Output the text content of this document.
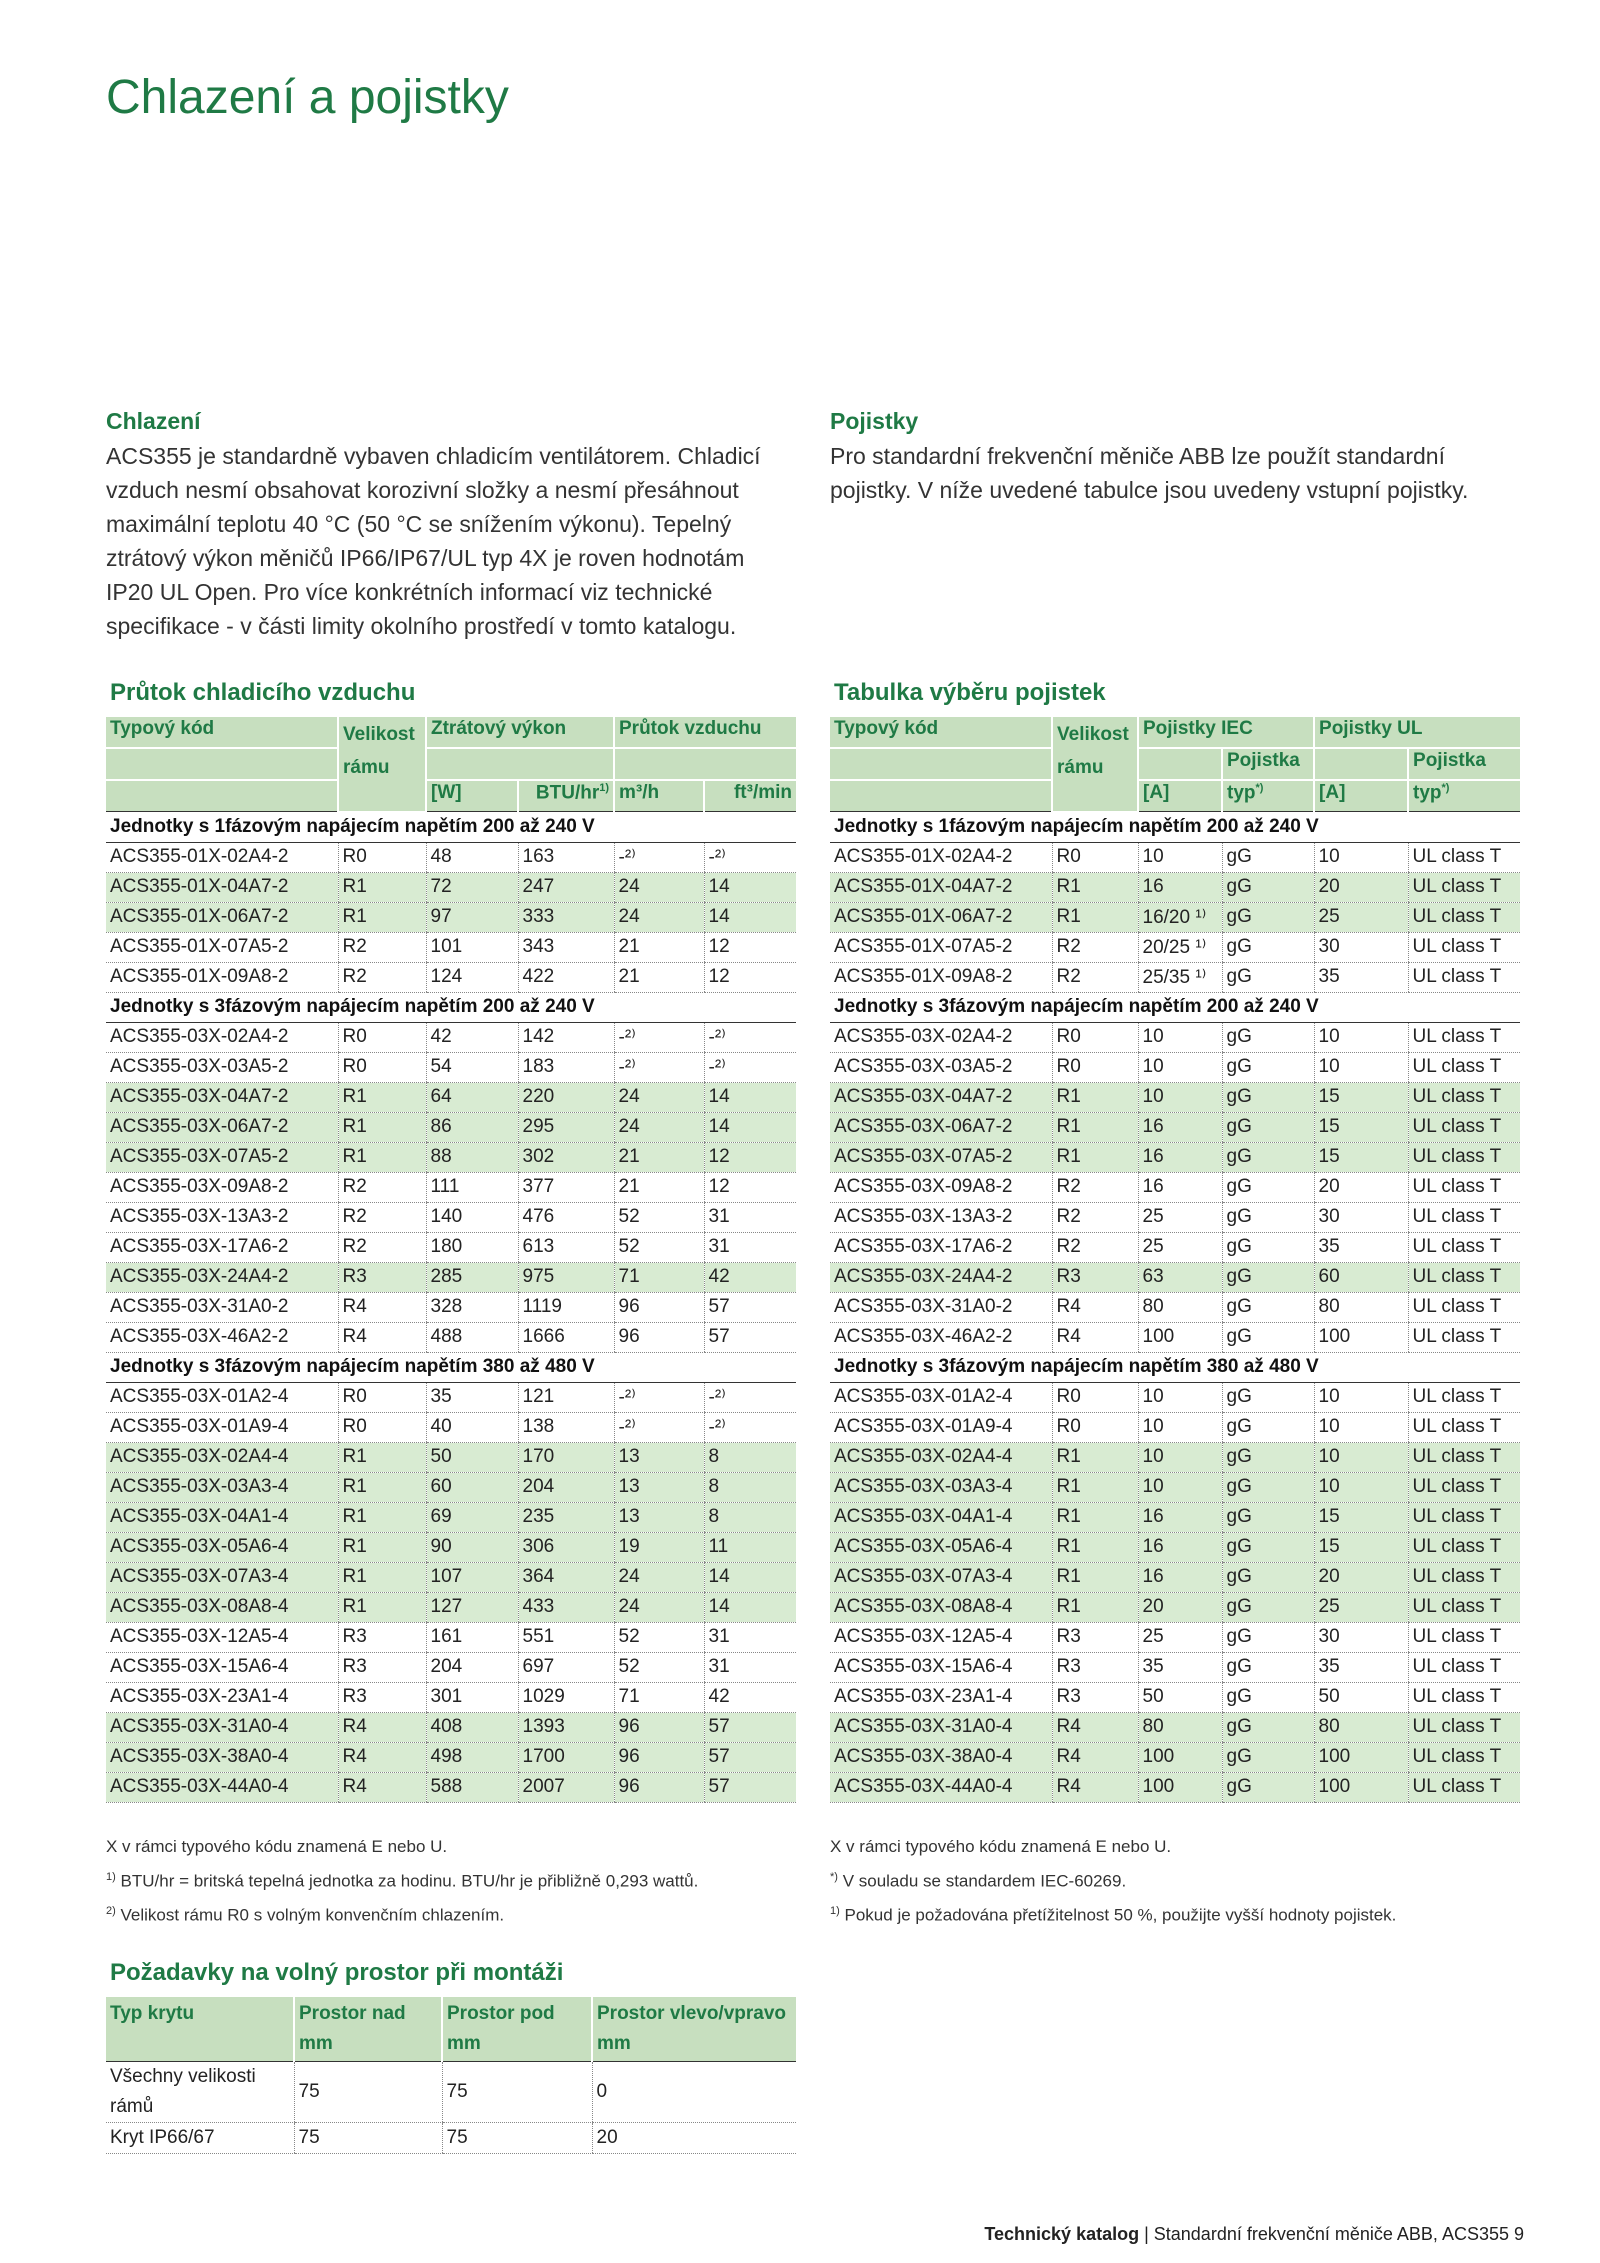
Chlazení a pojistky
Chlazení

ACS355 je standardně vybaven chladicím ventilátorem. Chladicí vzduch nesmí obsahovat korozivní složky a nesmí přesáhnout maximální teplotu 40 °C (50 °C se snížením výkonu). Tepelný ztrátový výkon měničů IP66/IP67/UL typ 4X je roven hodnotám IP20 UL Open. Pro více konkrétních informací viz technické specifikace - v části limity okolního prostředí v tomto katalogu.

Průtok chladicího vzduchu
Typový kód	Velikost rámu	Ztrátový výkon		Průtok vzduchu	

		[W]	BTU/$hr^{1)}$	m³/h	ft³/min
Jednotky s 1fázovým napájecím napětím 200 až 240 V					
ACS355-01X-02A4-2	R0	48	163	-²⁾	-²⁾
ACS355-01X-04A7-2	R1	72	247	24	14
ACS355-01X-06A7-2	R1	97	333	24	14
ACS355-01X-07A5-2	R2	101	343	21	12
ACS355-01X-09A8-2	R2	124	422	21	12
Jednotky s 3fázovým napájecím napětím 200 až 240 V					
ACS355-03X-02A4-2	R0	42	142	-²⁾	-²⁾
ACS355-03X-03A5-2	R0	54	183	-²⁾	-²⁾
ACS355-03X-04A7-2	R1	64	220	24	14
ACS355-03X-06A7-2	R1	86	295	24	14
ACS355-03X-07A5-2	R1	88	302	21	12
ACS355-03X-09A8-2	R2	111	377	21	12
ACS355-03X-13A3-2	R2	140	476	52	31
ACS355-03X-17A6-2	R2	180	613	52	31
ACS355-03X-24A4-2	R3	285	975	71	42
ACS355-03X-31A0-2	R4	328	1119	96	57
ACS355-03X-46A2-2	R4	488	1666	96	57
Jednotky s 3fázovým napájecím napětím 380 až 480 V					
ACS355-03X-01A2-4	R0	35	121	-²⁾	-²⁾
ACS355-03X-01A9-4	R0	40	138	-²⁾	-²⁾
ACS355-03X-02A4-4	R1	50	170	13	8
ACS355-03X-03A3-4	R1	60	204	13	8
ACS355-03X-04A1-4	R1	69	235	13	8
ACS355-03X-05A6-4	R1	90	306	19	11
ACS355-03X-07A3-4	R1	107	364	24	14
ACS355-03X-08A8-4	R1	127	433	24	14
ACS355-03X-12A5-4	R3	161	551	52	31
ACS355-03X-15A6-4	R3	204	697	52	31
ACS355-03X-23A1-4	R3	301	1029	71	42
ACS355-03X-31A0-4	R4	408	1393	96	57
ACS355-03X-38A0-4	R4	498	1700	96	57
ACS355-03X-44A0-4	R4	588	2007	96	57
X v rámci typového kódu znamená E nebo U.
$^{1)}$ BTU/hr = britská tepelná jednotka za hodinu. BTU/hr je přibližně 0,293 wattů.
$^{2)}$ Velikost rámu R0 s volným konvenčním chlazením.
Požadavky na volný prostor při montáži
Typ krytu	Prostor nad mm	Prostor pod mm	Prostor vlevo/vpravo mm
Všechny velikosti rámů	75	75	0
Kryt IP66/67	75	75	20
Pojistky

Pro standardní frekvenční měniče ABB lze použít standardní pojistky. V níže uvedené tabulce jsou uvedeny vstupní pojistky.

Tabulka výběru pojistek
Typový kód	Velikost rámu	Pojistky IEC		Pojistky UL	
			Pojistka		Pojistka
		[A]	typ*)	[A]	typ*)
Jednotky s 1fázovým napájecím napětím 200 až 240 V					
ACS355-01X-02A4-2	R0	10	gG	10	UL class T
ACS355-01X-04A7-2	R1	16	gG	20	UL class T
ACS355-01X-06A7-2	R1	16/20 ¹⁾	gG	25	UL class T
ACS355-01X-07A5-2	R2	20/25 ¹⁾	gG	30	UL class T
ACS355-01X-09A8-2	R2	25/35 ¹⁾	gG	35	UL class T
Jednotky s 3fázovým napájecím napětím 200 až 240 V					
ACS355-03X-02A4-2	R0	10	gG	10	UL class T
ACS355-03X-03A5-2	R0	10	gG	10	UL class T
ACS355-03X-04A7-2	R1	10	gG	15	UL class T
ACS355-03X-06A7-2	R1	16	gG	15	UL class T
ACS355-03X-07A5-2	R1	16	gG	15	UL class T
ACS355-03X-09A8-2	R2	16	gG	20	UL class T
ACS355-03X-13A3-2	R2	25	gG	30	UL class T
ACS355-03X-17A6-2	R2	25	gG	35	UL class T
ACS355-03X-24A4-2	R3	63	gG	60	UL class T
ACS355-03X-31A0-2	R4	80	gG	80	UL class T
ACS355-03X-46A2-2	R4	100	gG	100	UL class T
Jednotky s 3fázovým napájecím napětím 380 až 480 V					
ACS355-03X-01A2-4	R0	10	gG	10	UL class T
ACS355-03X-01A9-4	R0	10	gG	10	UL class T
ACS355-03X-02A4-4	R1	10	gG	10	UL class T
ACS355-03X-03A3-4	R1	10	gG	10	UL class T
ACS355-03X-04A1-4	R1	16	gG	15	UL class T
ACS355-03X-05A6-4	R1	16	gG	15	UL class T
ACS355-03X-07A3-4	R1	16	gG	20	UL class T
ACS355-03X-08A8-4	R1	20	gG	25	UL class T
ACS355-03X-12A5-4	R3	25	gG	30	UL class T
ACS355-03X-15A6-4	R3	35	gG	35	UL class T
ACS355-03X-23A1-4	R3	50	gG	50	UL class T
ACS355-03X-31A0-4	R4	80	gG	80	UL class T
ACS355-03X-38A0-4	R4	100	gG	100	UL class T
ACS355-03X-44A0-4	R4	100	gG	100	UL class T
X v rámci typového kódu znamená E nebo U.
*) V souladu se standardem IEC-60269.
$^{1)}$ Pokud je požadována přetížitelnost 50 %, použijte vyšší hodnoty pojistek.
Technický katalog | Standardní frekvenční měniče ABB, ACS355 9
